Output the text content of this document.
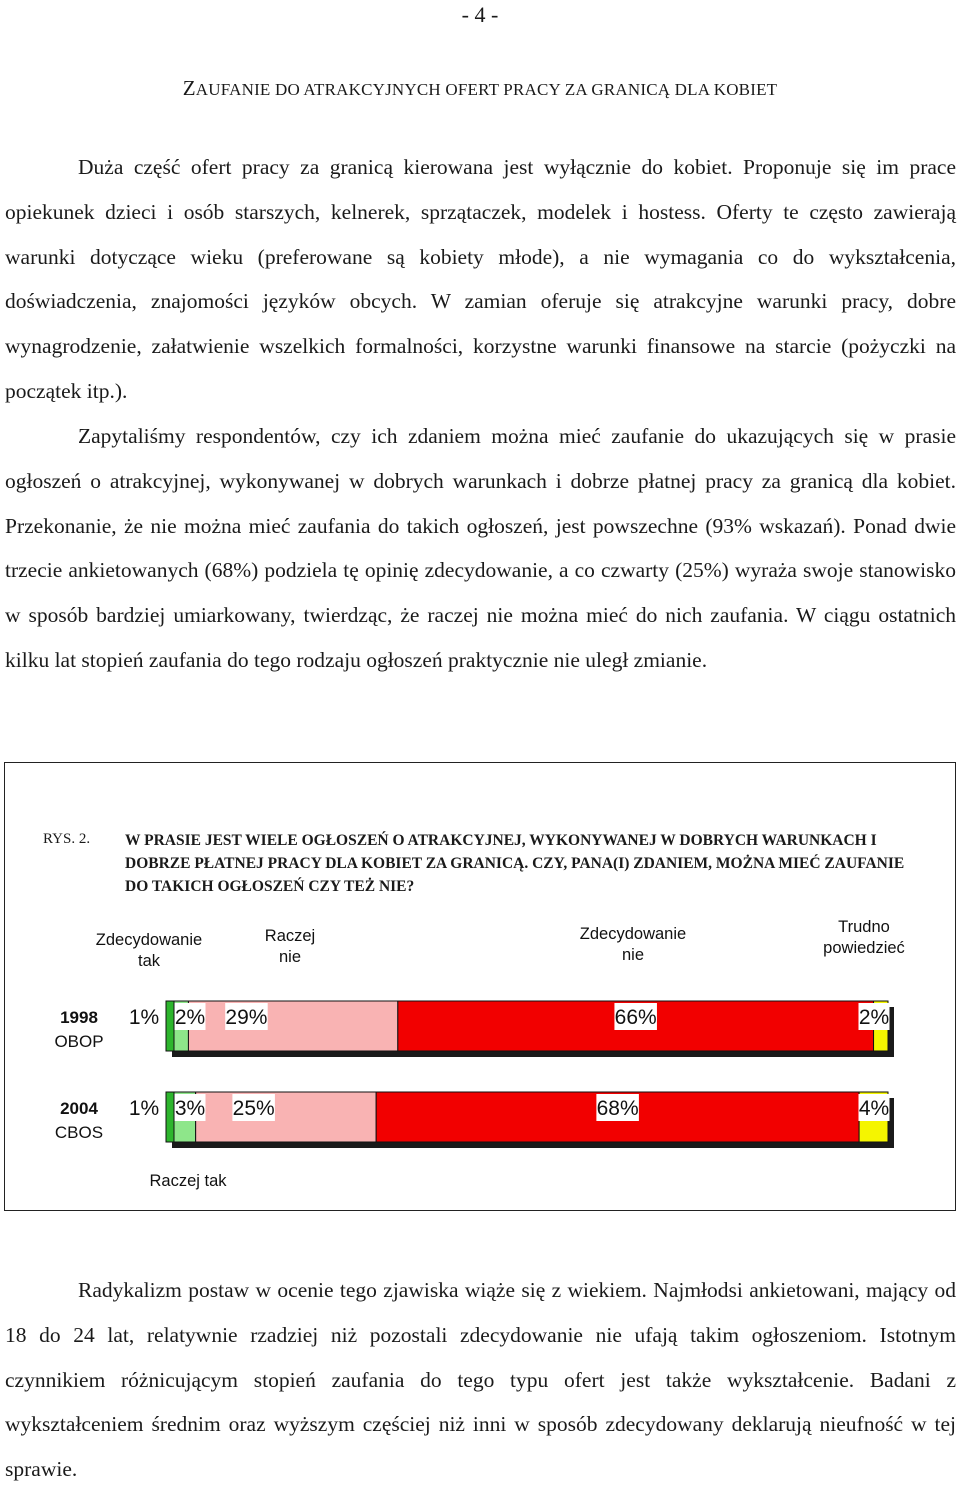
- 4 -
ZAUFANIE DO ATRAKCYJNYCH OFERT PRACY ZA GRANICĄ DLA KOBIET

Duża część ofert pracy za granicą kierowana jest wyłącznie do kobiet. Proponuje się im prace opiekunek dzieci i osób starszych, kelnerek, sprzątaczek, modelek i hostess. Oferty te często zawierają warunki dotyczące wieku (preferowane są kobiety młode), a nie wymagania co do wykształcenia, doświadczenia, znajomości języków obcych. W zamian oferuje się atrakcyjne warunki pracy, dobre wynagrodzenie, załatwienie wszelkich formalności, korzystne warunki finansowe na starcie (pożyczki na początek itp.).

Zapytaliśmy respondentów, czy ich zdaniem można mieć zaufanie do ukazujących się w prasie ogłoszeń o atrakcyjnej, wykonywanej w dobrych warunkach i dobrze płatnej pracy za granicą dla kobiet. Przekonanie, że nie można mieć zaufania do takich ogłoszeń, jest powszechne (93% wskazań). Ponad dwie trzecie ankietowanych (68%) podziela tę opinię zdecydowanie, a co czwarty (25%) wyraża swoje stanowisko w sposób bardziej umiarkowany, twierdząc, że raczej nie można mieć do nich zaufania. W ciągu ostatnich kilku lat stopień zaufania do tego rodzaju ogłoszeń praktycznie nie uległ zmianie.

RYS. 2. W PRASIE JEST WIELE OGŁOSZEŃ O ATRAKCYJNEJ, WYKONYWANEJ W DOBRYCH WARUNKACH I DOBRZE PŁATNEJ PRACY DLA KOBIET ZA GRANICĄ. CZY, PANA(I) ZDANIEM, MOŻNA MIEĆ ZAUFANIE DO TAKICH OGŁOSZEŃ CZY TEŻ NIE?

1998
OBOP
1% 2% 29%	66%	2%
2004
CBOS
1% 3% 25%	68%	4%
Zdecydowanie
tak
Raczej tak
Raczej
nie
Zdecydowanie
nie
Trudno
powiedzieć

Radykalizm postaw w ocenie tego zjawiska wiąże się z wiekiem. Najmłodsi ankietowani, mający od 18 do 24 lat, relatywnie rzadziej niż pozostali zdecydowanie nie ufają takim ogłoszeniom. Istotnym czynnikiem różnicującym stopień zaufania do tego typu ofert jest także wykształcenie. Badani z wykształceniem średnim oraz wyższym częściej niż inni w sposób zdecydowany deklarują nieufność w tej sprawie.
